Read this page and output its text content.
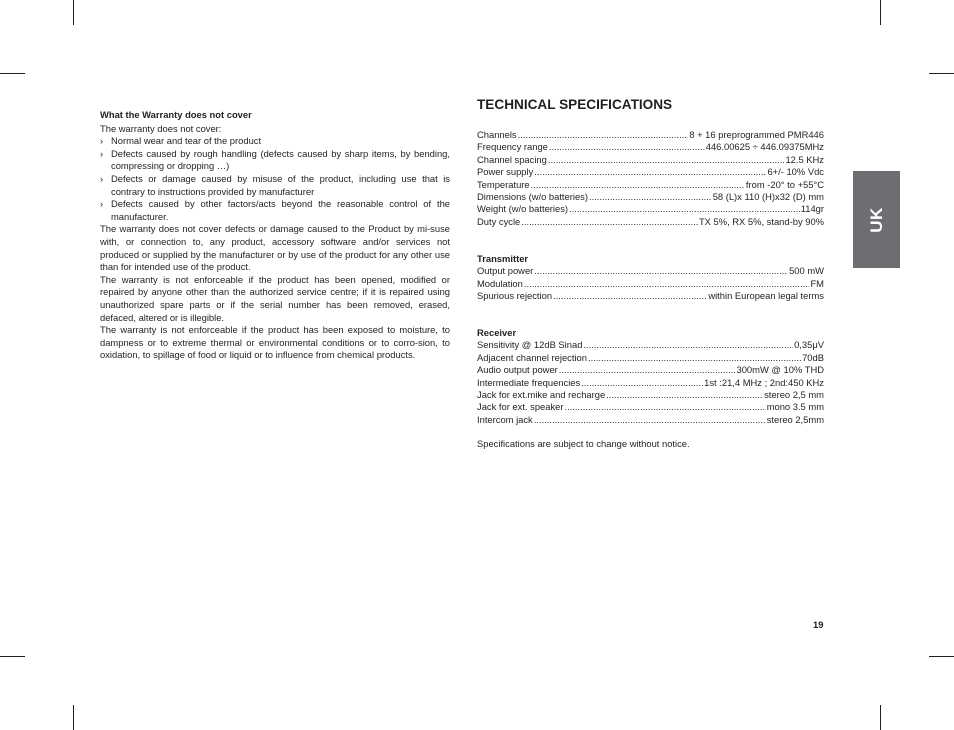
What the Warranty does not cover

The warranty does not cover:

› Normal wear and tear of the product
› Defects caused by rough handling (defects caused by sharp items, by bending, compressing or dropping …)
› Defects or damage caused by misuse of the product, including use that is contrary to instructions provided by manufacturer
› Defects caused by other factors/acts beyond the reasonable control of the manufacturer.

The warranty does not cover defects or damage caused to the Product by mi-suse with, or connection to, any product, accessory software and/or services not produced or supplied by the manufacturer or by use of the product for any other use than for intended use of the product.

The warranty is not enforceable if the product has been opened, modified or repaired by anyone other than the authorized service centre; if it is repaired using unauthorized spare parts or if the serial number has been removed, erased, defaced, altered or is illegible.

The warranty is not enforceable if the product has been exposed to moisture, to dampness or to extreme thermal or environmental conditions or to corro-sion, to oxidation, to spillage of food or liquid or to influence from chemical products.

TECHNICAL SPECIFICATIONS
Channels .....	8 + 16 preprogrammed PMR446
Frequency range .....	446.00625 ÷ 446.09375MHz
Channel spacing .....	12.5 KHz
Power supply .....	6+/- 10% Vdc
Temperature .....	from -20° to +55°C
Dimensions (w/o batteries) .....	58 (L)x 110 (H)x32 (D) mm
Weight (w/o batteries) .....	114gr
Duty cycle .....	TX 5%, RX 5%, stand-by 90%
Transmitter
Output power .....	500 mW
Modulation .....	FM
Spurious rejection .....	within European legal terms
Receiver
Sensitivity @ 12dB Sinad .....	0,35μV
Adjacent channel rejection .....	70dB
Audio output power .....	300mW @ 10% THD
Intermediate frequencies .....	1st :21,4 MHz ; 2nd:450 KHz
Jack for ext.mike and recharge .....	stereo 2,5 mm
Jack for ext. speaker .....	mono 3.5 mm
Intercom jack .....	stereo 2,5mm
Specifications are subject to change without notice.
UK
19
